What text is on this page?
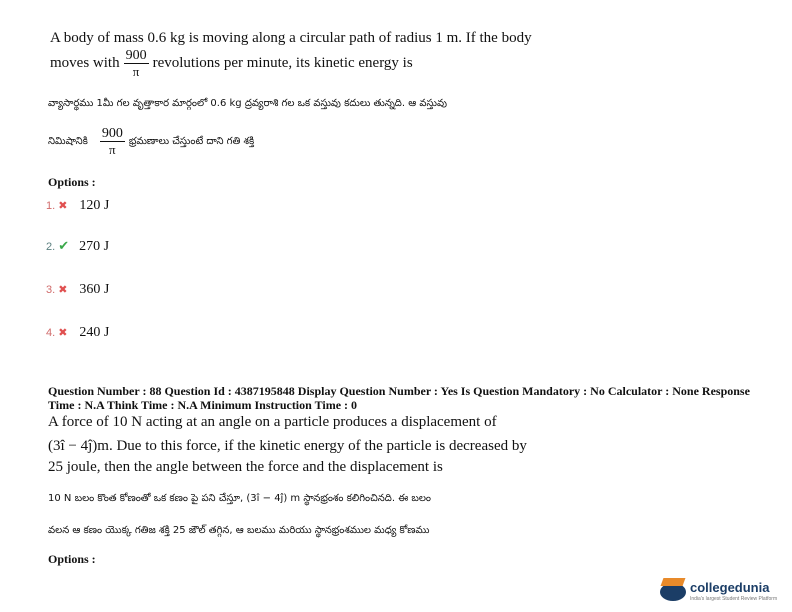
A body of mass 0.6 kg is moving along a circular path of radius 1 m. If the body
moves with $\frac{900}{\pi}$ revolutions per minute, its kinetic energy is
వ్యాసార్థము 1మీ గల వృత్తాకార మార్గంలో 0.6 kg ద్రవ్యరాశి గల ఒక వస్తువు కదులు తున్నది. ఆ వస్తువు
నిమిషానికి $\frac{900}{\pi}$ భ్రమణాలు చేస్తుంటే దాని గతి శక్తి
Options :
1. ✖ 120 J
2. ✔ 270 J
3. ✖ 360 J
4. ✖ 240 J
Question Number : 88 Question Id : 4387195848 Display Question Number : Yes Is Question Mandatory : No Calculator : None Response
Time : N.A Think Time : N.A Minimum Instruction Time : 0
A force of 10 N acting at an angle on a particle produces a displacement of
(3î − 4ĵ)m. Due to this force, if the kinetic energy of the particle is decreased by
25 joule, then the angle between the force and the displacement is
10 N బలం కొంత కోణంతో ఒక కణం పై పని చేస్తూ, (3î − 4ĵ) m స్థానభ్రంశం కలిగించినది. ఈ బలం
వలన ఆ కణం యొక్క గతిజ శక్తి 25 జౌల్ తగ్గిన, ఆ బలము మరియు స్థానభ్రంశముల మధ్య కోణము
Options :
collegedunia
India's largest Student Review Platform
